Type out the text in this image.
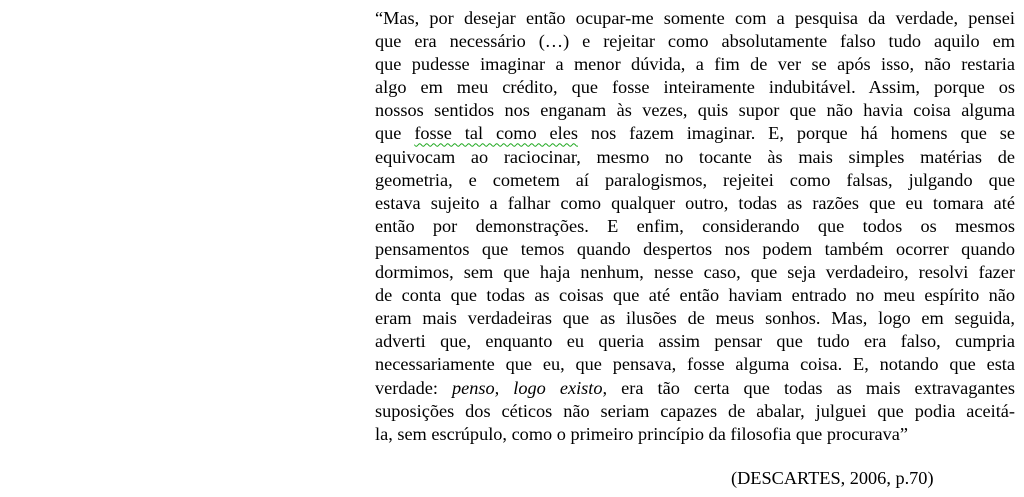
“Mas, por desejar então ocupar-me somente com a pesquisa da verdade, pensei
que era necessário (…) e rejeitar como absolutamente falso tudo aquilo em
que pudesse imaginar a menor dúvida, a fim de ver se após isso, não restaria
algo em meu crédito, que fosse inteiramente indubitável. Assim, porque os
nossos sentidos nos enganam às vezes, quis supor que não havia coisa alguma
que fosse tal como eles nos fazem imaginar. E, porque há homens que se
equivocam ao raciocinar, mesmo no tocante às mais simples matérias de
geometria, e cometem aí paralogismos, rejeitei como falsas, julgando que
estava sujeito a falhar como qualquer outro, todas as razões que eu tomara até
então por demonstrações. E enfim, considerando que todos os mesmos
pensamentos que temos quando despertos nos podem também ocorrer quando
dormimos, sem que haja nenhum, nesse caso, que seja verdadeiro, resolvi fazer
de conta que todas as coisas que até então haviam entrado no meu espírito não
eram mais verdadeiras que as ilusões de meus sonhos. Mas, logo em seguida,
adverti que, enquanto eu queria assim pensar que tudo era falso, cumpria
necessariamente que eu, que pensava, fosse alguma coisa. E, notando que esta
verdade: penso, logo existo, era tão certa que todas as mais extravagantes
suposições dos céticos não seriam capazes de abalar, julguei que podia aceitá-
la, sem escrúpulo, como o primeiro princípio da filosofia que procurava”
(DESCARTES, 2006, p.70)
